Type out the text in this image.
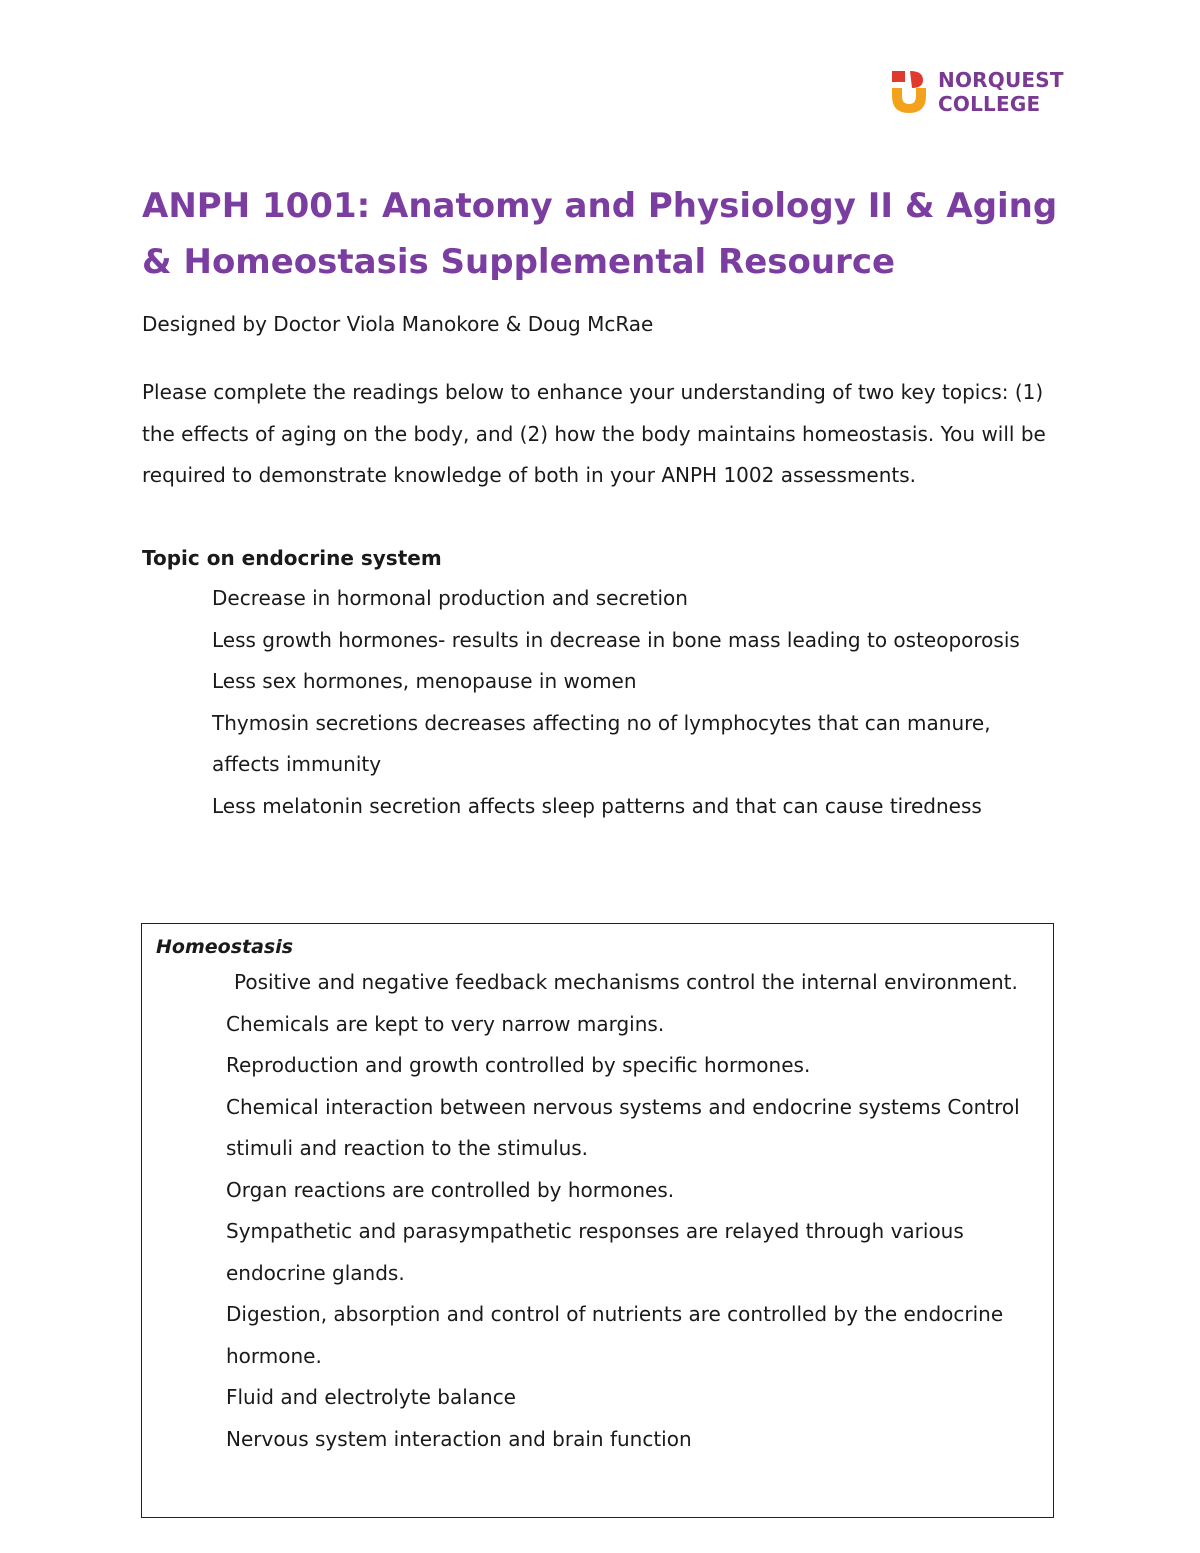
NORQUEST
COLLEGE
ANPH 1001: Anatomy and Physiology II & Aging
& Homeostasis Supplemental Resource

Designed by Doctor Viola Manokore & Doug McRae

Please complete the readings below to enhance your understanding of two key topics: (1) the effects of aging on the body, and (2) how the body maintains homeostasis. You will be required to demonstrate knowledge of both in your ANPH 1002 assessments.

Topic on endocrine system

Decrease in hormonal production and secretion
Less growth hormones- results in decrease in bone mass leading to osteoporosis
Less sex hormones, menopause in women
Thymosin secretions decreases affecting no of lymphocytes that can manure, affects immunity
Less melatonin secretion affects sleep patterns and that can cause tiredness

Homeostasis

Positive and negative feedback mechanisms control the internal environment.
Chemicals are kept to very narrow margins.
Reproduction and growth controlled by specific hormones.
Chemical interaction between nervous systems and endocrine systems Control stimuli and reaction to the stimulus.
Organ reactions are controlled by hormones.
Sympathetic and parasympathetic responses are relayed through various endocrine glands.
Digestion, absorption and control of nutrients are controlled by the endocrine hormone.
Fluid and electrolyte balance
Nervous system interaction and brain function
